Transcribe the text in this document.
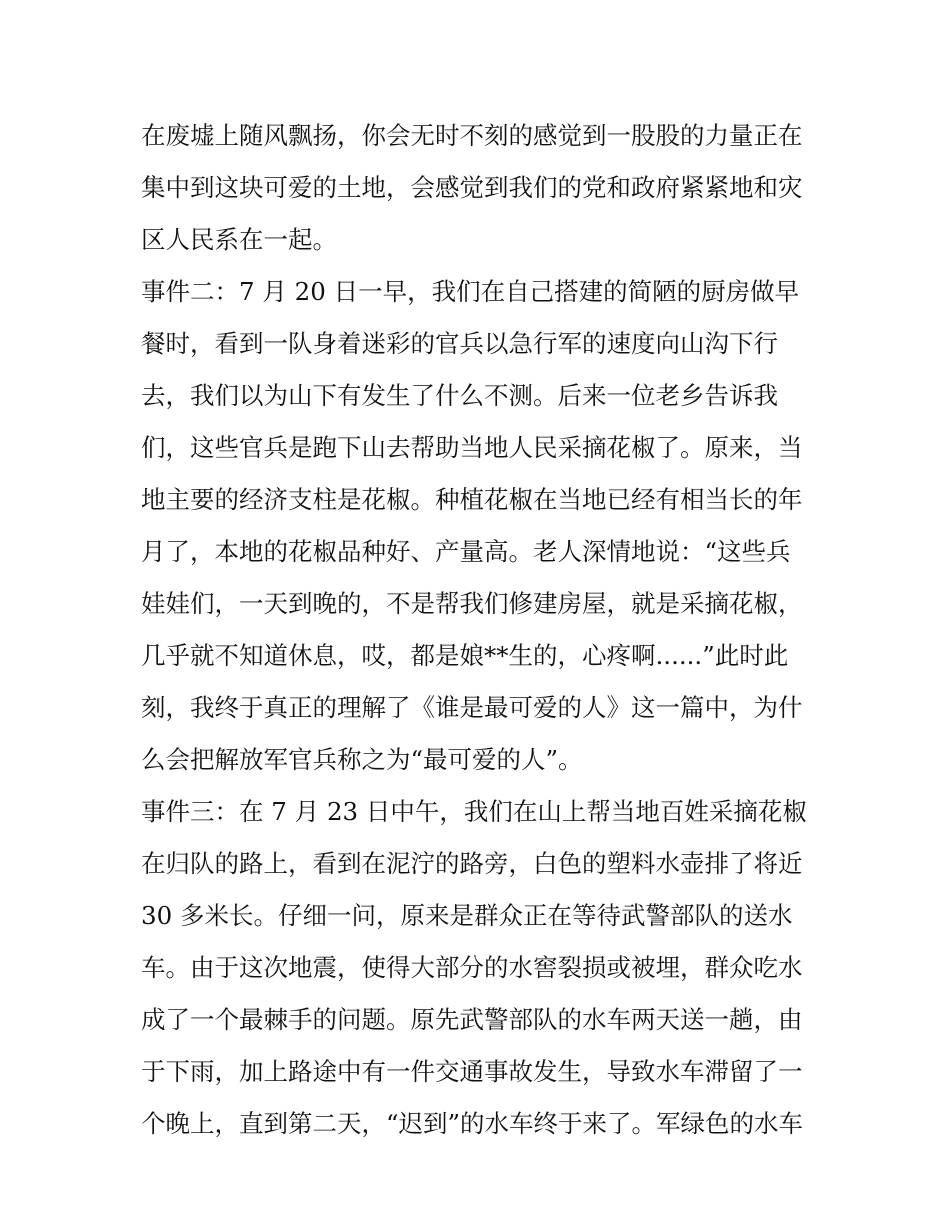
在废墟上随风飘扬，你会无时不刻的感觉到一股股的力量正在
集中到这块可爱的土地，会感觉到我们的党和政府紧紧地和灾
区人民系在一起。
事件二：7 月 20 日一早，我们在自己搭建的简陋的厨房做早
餐时，看到一队身着迷彩的官兵以急行军的速度向山沟下行
去，我们以为山下有发生了什么不测。后来一位老乡告诉我
们，这些官兵是跑下山去帮助当地人民采摘花椒了。原来，当
地主要的经济支柱是花椒。种植花椒在当地已经有相当长的年
月了，本地的花椒品种好、产量高。老人深情地说：“这些兵
娃娃们，一天到晚的，不是帮我们修建房屋，就是采摘花椒，
几乎就不知道休息，哎，都是娘**生的，心疼啊......”此时此
刻，我终于真正的理解了《谁是最可爱的人》这一篇中，为什
么会把解放军官兵称之为“最可爱的人”。
事件三：在 7 月 23 日中午，我们在山上帮当地百姓采摘花椒
在归队的路上，看到在泥泞的路旁，白色的塑料水壶排了将近
30 多米长。仔细一问，原来是群众正在等待武警部队的送水
车。由于这次地震，使得大部分的水窖裂损或被埋，群众吃水
成了一个最棘手的问题。原先武警部队的水车两天送一趟，由
于下雨，加上路途中有一件交通事故发生，导致水车滞留了一
个晚上，直到第二天，“迟到”的水车终于来了。军绿色的水车
